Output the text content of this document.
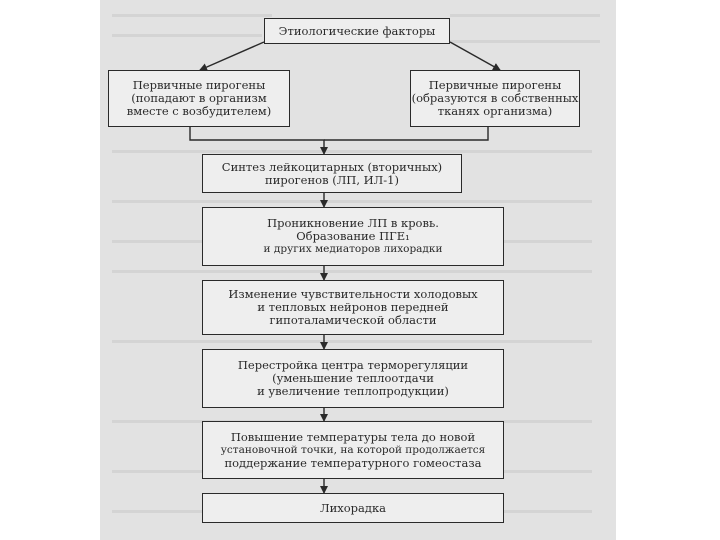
Этиологические факторы
Первичные пирогены
(попадают в организм
вместе с возбудителем)
Первичные пирогены
(образуются в собственных
тканях организма)
Синтез лейкоцитарных (вторичных)
пирогенов (ЛП, ИЛ-1)
Проникновение ЛП в кровь.
Образование ПГЕ₁
и других медиаторов лихорадки
Изменение чувствительности холодовых
и тепловых нейронов передней
гипоталамической области
Перестройка центра терморегуляции
(уменьшение теплоотдачи
и увеличение теплопродукции)
Повышение температуры тела до новой
установочной точки, на которой продолжается
поддержание температурного гомеостаза
Лихорадка
